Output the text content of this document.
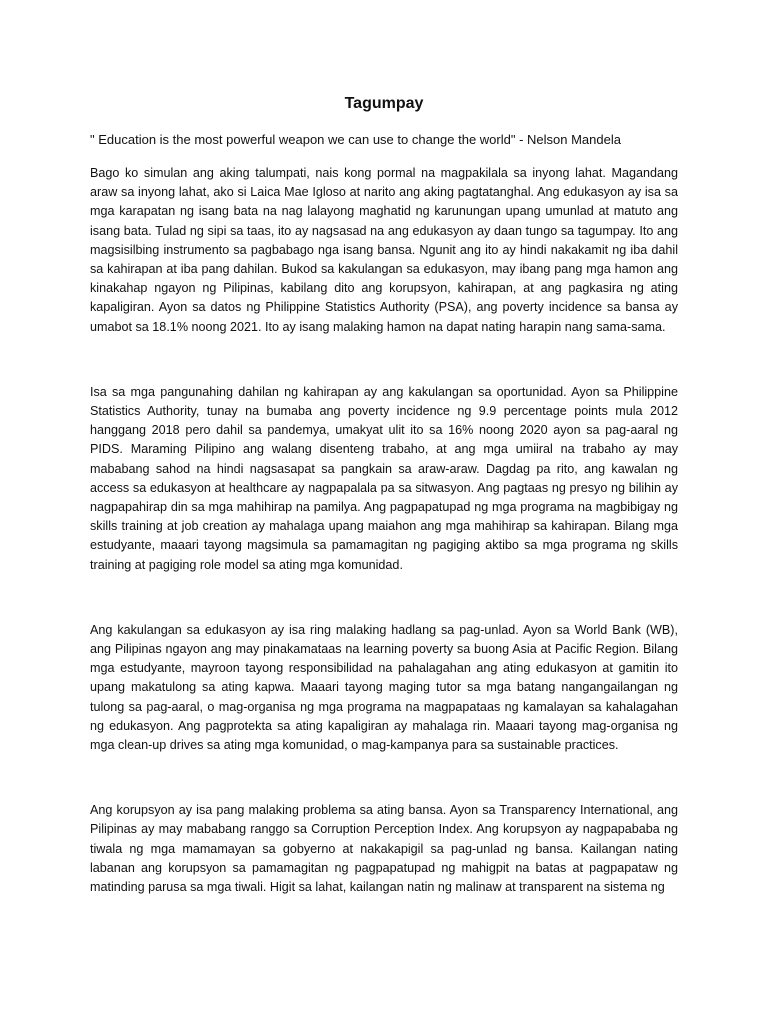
Tagumpay

" Education is the most powerful weapon we can use to change the world" - Nelson Mandela

Bago ko simulan ang aking talumpati, nais kong pormal na magpakilala sa inyong lahat. Magandang araw sa inyong lahat, ako si Laica Mae Igloso at narito ang aking pagtatanghal. Ang edukasyon ay isa sa mga karapatan ng isang bata na nag lalayong maghatid ng karunungan upang umunlad at matuto ang isang bata. Tulad ng sipi sa taas, ito ay nagsasad na ang edukasyon ay daan tungo sa tagumpay. Ito ang magsisilbing instrumento sa pagbabago nga isang bansa. Ngunit ang ito ay hindi nakakamit ng iba dahil sa kahirapan at iba pang dahilan. Bukod sa kakulangan sa edukasyon, may ibang pang mga hamon ang kinakahap ngayon ng Pilipinas, kabilang dito ang korupsyon, kahirapan, at ang pagkasira ng ating kapaligiran. Ayon sa datos ng Philippine Statistics Authority (PSA), ang poverty incidence sa bansa ay umabot sa 18.1% noong 2021. Ito ay isang malaking hamon na dapat nating harapin nang sama-sama.

Isa sa mga pangunahing dahilan ng kahirapan ay ang kakulangan sa oportunidad. Ayon sa Philippine Statistics Authority, tunay na bumaba ang poverty incidence ng 9.9 percentage points mula 2012 hanggang 2018 pero dahil sa pandemya, umakyat ulit ito sa 16% noong 2020 ayon sa pag-aaral ng PIDS. Maraming Pilipino ang walang disenteng trabaho, at ang mga umiiral na trabaho ay may mababang sahod na hindi nagsasapat sa pangkain sa araw-araw. Dagdag pa rito, ang kawalan ng access sa edukasyon at healthcare ay nagpapalala pa sa sitwasyon. Ang pagtaas ng presyo ng bilihin ay nagpapahirap din sa mga mahihirap na pamilya. Ang pagpapatupad ng mga programa na magbibigay ng skills training at job creation ay mahalaga upang maiahon ang mga mahihirap sa kahirapan. Bilang mga estudyante, maaari tayong magsimula sa pamamagitan ng pagiging aktibo sa mga programa ng skills training at pagiging role model sa ating mga komunidad.

Ang kakulangan sa edukasyon ay isa ring malaking hadlang sa pag-unlad. Ayon sa World Bank (WB), ang Pilipinas ngayon ang may pinakamataas na learning poverty sa buong Asia at Pacific Region. Bilang mga estudyante, mayroon tayong responsibilidad na pahalagahan ang ating edukasyon at gamitin ito upang makatulong sa ating kapwa. Maaari tayong maging tutor sa mga batang nangangailangan ng tulong sa pag-aaral, o mag-organisa ng mga programa na magpapataas ng kamalayan sa kahalagahan ng edukasyon. Ang pagprotekta sa ating kapaligiran ay mahalaga rin. Maaari tayong mag-organisa ng mga clean-up drives sa ating mga komunidad, o mag-kampanya para sa sustainable practices.

Ang korupsyon ay isa pang malaking problema sa ating bansa. Ayon sa Transparency International, ang Pilipinas ay may mababang ranggo sa Corruption Perception Index. Ang korupsyon ay nagpapababa ng tiwala ng mga mamamayan sa gobyerno at nakakapigil sa pag-unlad ng bansa. Kailangan nating labanan ang korupsyon sa pamamagitan ng pagpapatupad ng mahigpit na batas at pagpapataw ng matinding parusa sa mga tiwali. Higit sa lahat, kailangan natin ng malinaw at transparent na sistema ng
